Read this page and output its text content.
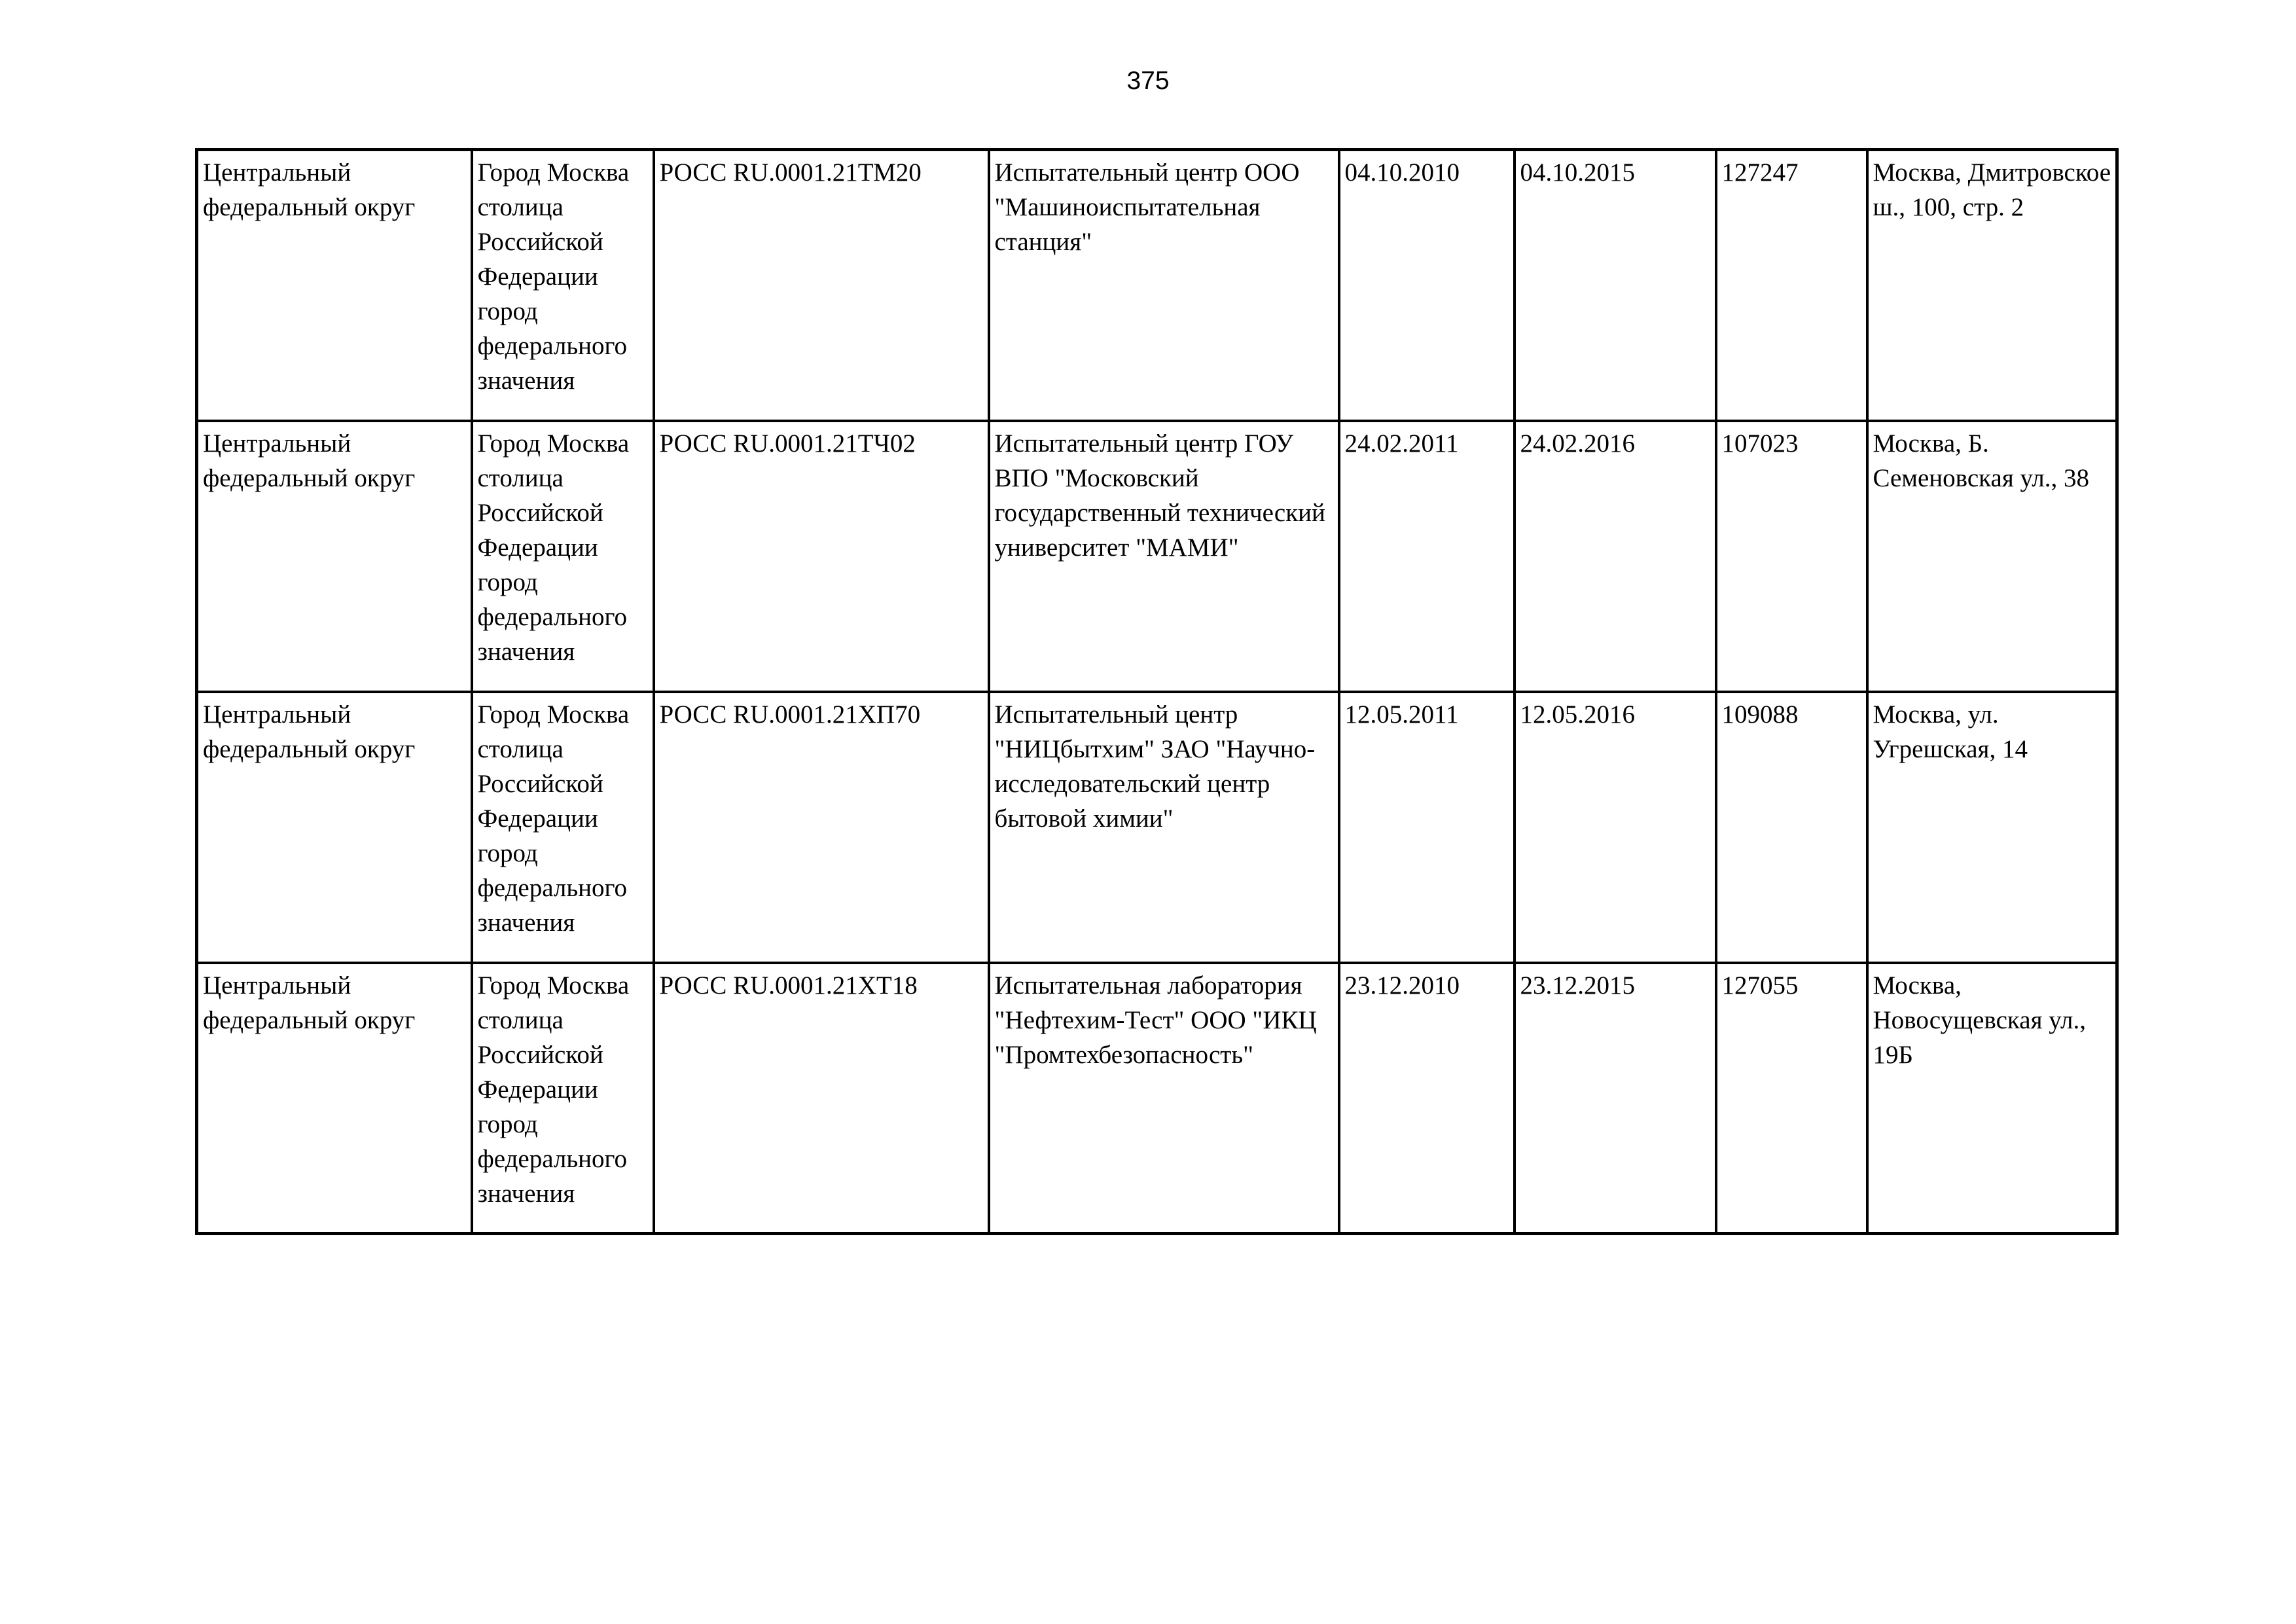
375
Центральный федеральный округ	Город Москва столица Российской Федерации город федерального значения	РОСС RU.0001.21ТМ20	Испытательный центр ООО "Машиноиспытательная станция"	04.10.2010	04.10.2015	127247	Москва, Дмитровское ш., 100, стр. 2

Центральный федеральный округ	Город Москва столица Российской Федерации город федерального значения	РОСС RU.0001.21ТЧ02	Испытательный центр ГОУ ВПО "Московский государственный технический университет "МАМИ"	24.02.2011	24.02.2016	107023	Москва, Б. Семеновская ул., 38

Центральный федеральный округ	Город Москва столица Российской Федерации город федерального значения	РОСС RU.0001.21ХП70	Испытательный центр "НИЦбытхим" ЗАО "Научно-исследовательский центр бытовой химии"	12.05.2011	12.05.2016	109088	Москва, ул. Угрешская, 14

Центральный федеральный округ	Город Москва столица Российской Федерации город федерального значения	РОСС RU.0001.21ХТ18	Испытательная лаборатория "Нефтехим-Тест" ООО "ИКЦ "Промтехбезопасность"	23.12.2010	23.12.2015	127055	Москва, Новосущевская ул., 19Б
